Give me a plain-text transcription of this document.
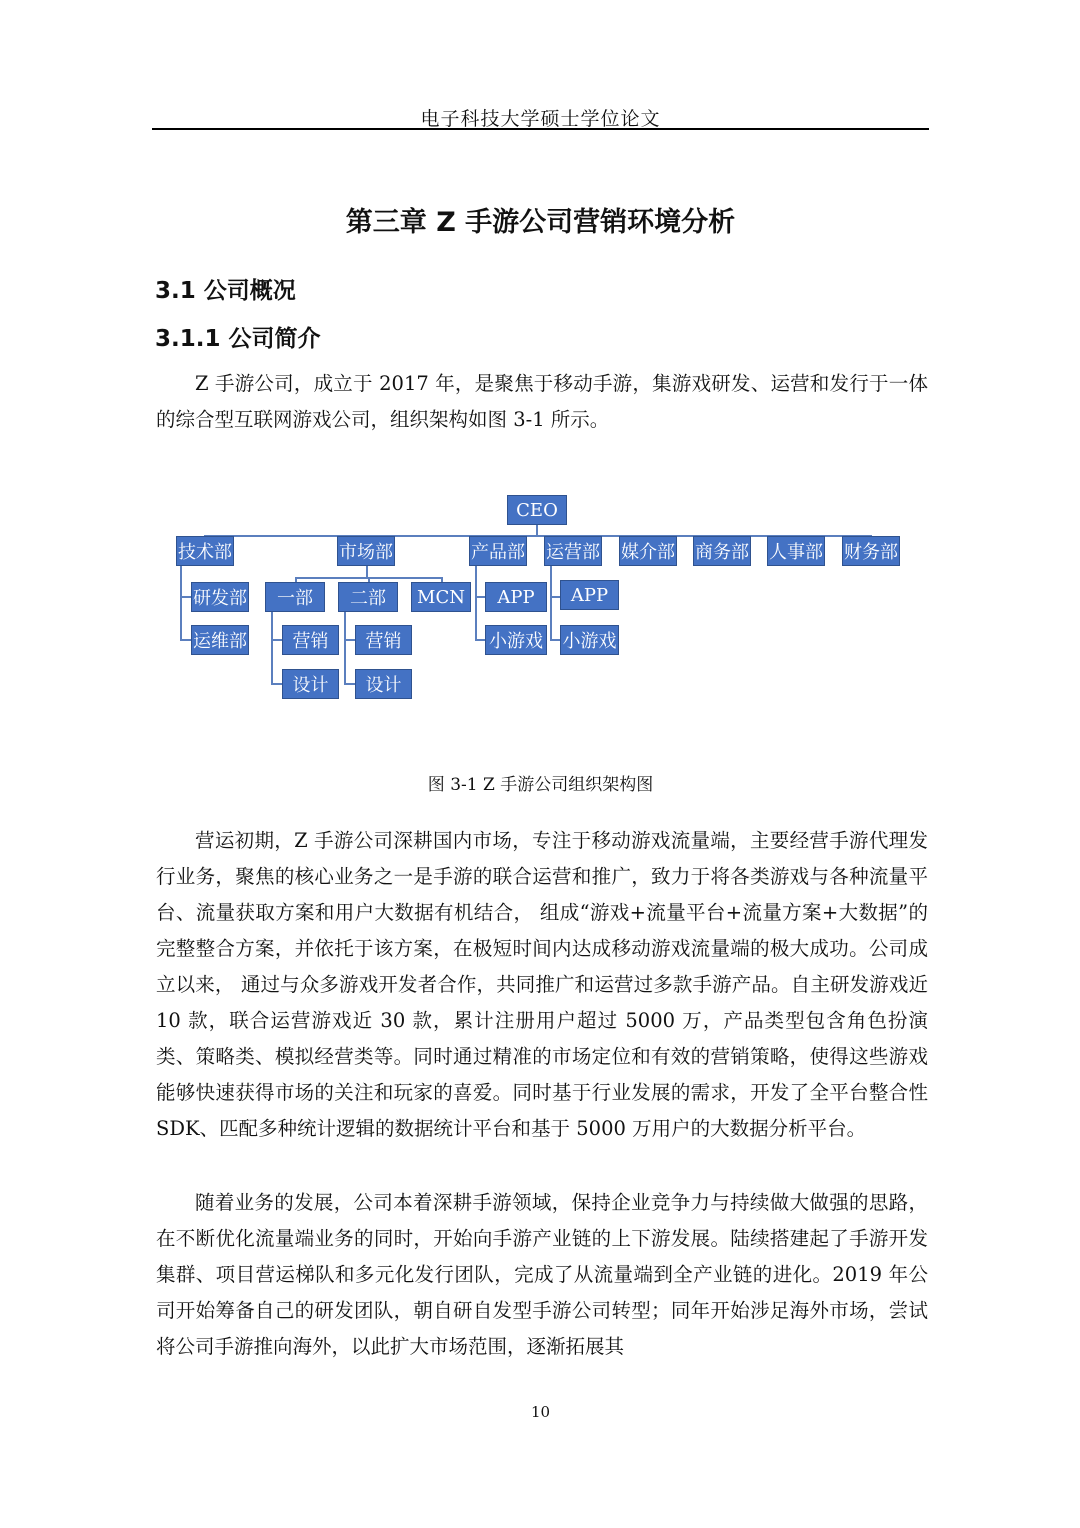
电子科技大学硕士学位论文
第三章 Z 手游公司营销环境分析
3.1 公司概况
3.1.1 公司简介

Z 手游公司，成立于 2017 年，是聚焦于移动手游，集游戏研发、运营和发行于一体的综合型互联网游戏公司，组织架构如图 3-1 所示。

CEO
技术部	市场部	产品部 运营部 媒介部 商务部 人事部 财务部
研发部
运维部
一部	二部	MCN
营销
设计
营销
设计
APP
小游戏
APP
小游戏
图 3-1 Z 手游公司组织架构图

营运初期，Z 手游公司深耕国内市场，专注于移动游戏流量端，主要经营手游代理发行业务，聚焦的核心业务之一是手游的联合运营和推广，致力于将各类游戏与各种流量平台、流量获取方案和用户大数据有机结合， 组成“游戏+流量平台+流量方案+大数据”的完整整合方案，并依托于该方案，在极短时间内达成移动游戏流量端的极大成功。公司成立以来， 通过与众多游戏开发者合作，共同推广和运营过多款手游产品。自主研发游戏近 10 款，联合运营游戏近 30 款，累计注册用户超过 5000 万，产品类型包含角色扮演类、策略类、模拟经营类等。同时通过精准的市场定位和有效的营销策略，使得这些游戏能够快速获得市场的关注和玩家的喜爱。同时基于行业发展的需求，开发了全平台整合性 SDK、匹配多种统计逻辑的数据统计平台和基于 5000 万用户的大数据分析平台。

随着业务的发展，公司本着深耕手游领域，保持企业竞争力与持续做大做强的思路，在不断优化流量端业务的同时，开始向手游产业链的上下游发展。陆续搭建起了手游开发集群、项目营运梯队和多元化发行团队，完成了从流量端到全产业链的进化。2019 年公司开始筹备自己的研发团队，朝自研自发型手游公司转型；同年开始涉足海外市场，尝试将公司手游推向海外，以此扩大市场范围，逐渐拓展其

10
